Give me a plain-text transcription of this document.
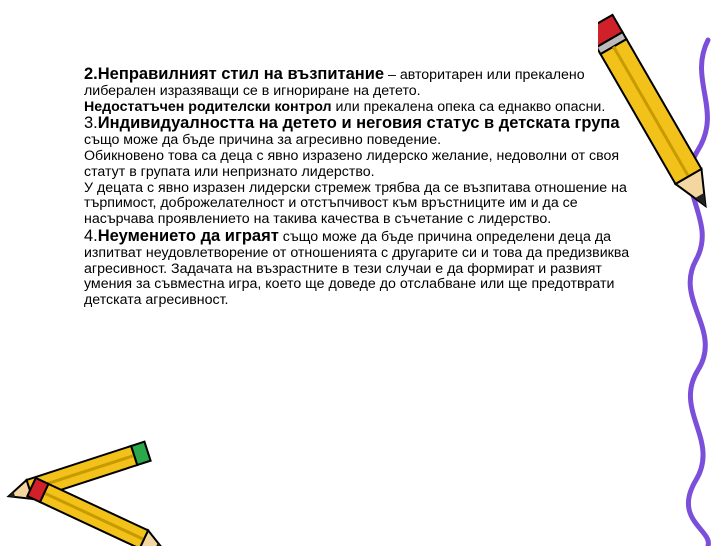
2.Неправилният стил на възпитание – авторитарен или прекалено либерален изразяващи се в игнориране на детето.

Недостатъчен родителски контрол или прекалена опека са еднакво опасни.

3.Индивидуалността на детето и неговия статус в детската група също може да бъде причина за агресивно поведение.

Обикновено това са деца с явно изразено лидерско желание, недоволни от своя статут в групата или непризнато лидерство.

У децата с явно изразен лидерски стремеж трябва да се възпитава отношение на търпимост, доброжелателност и отстъпчивост към връстниците им и да се насърчава проявлението на такива качества в съчетание с лидерство.

4.Неумението да играят също може да бъде причина определени деца да изпитват неудовлетворение от отношенията с другарите си и това да предизвиква агресивност. Задачата на възрастните в тези случаи е да формират и развият умения за съвместна игра, което ще доведе до отслабване или ще предотврати детската агресивност.
